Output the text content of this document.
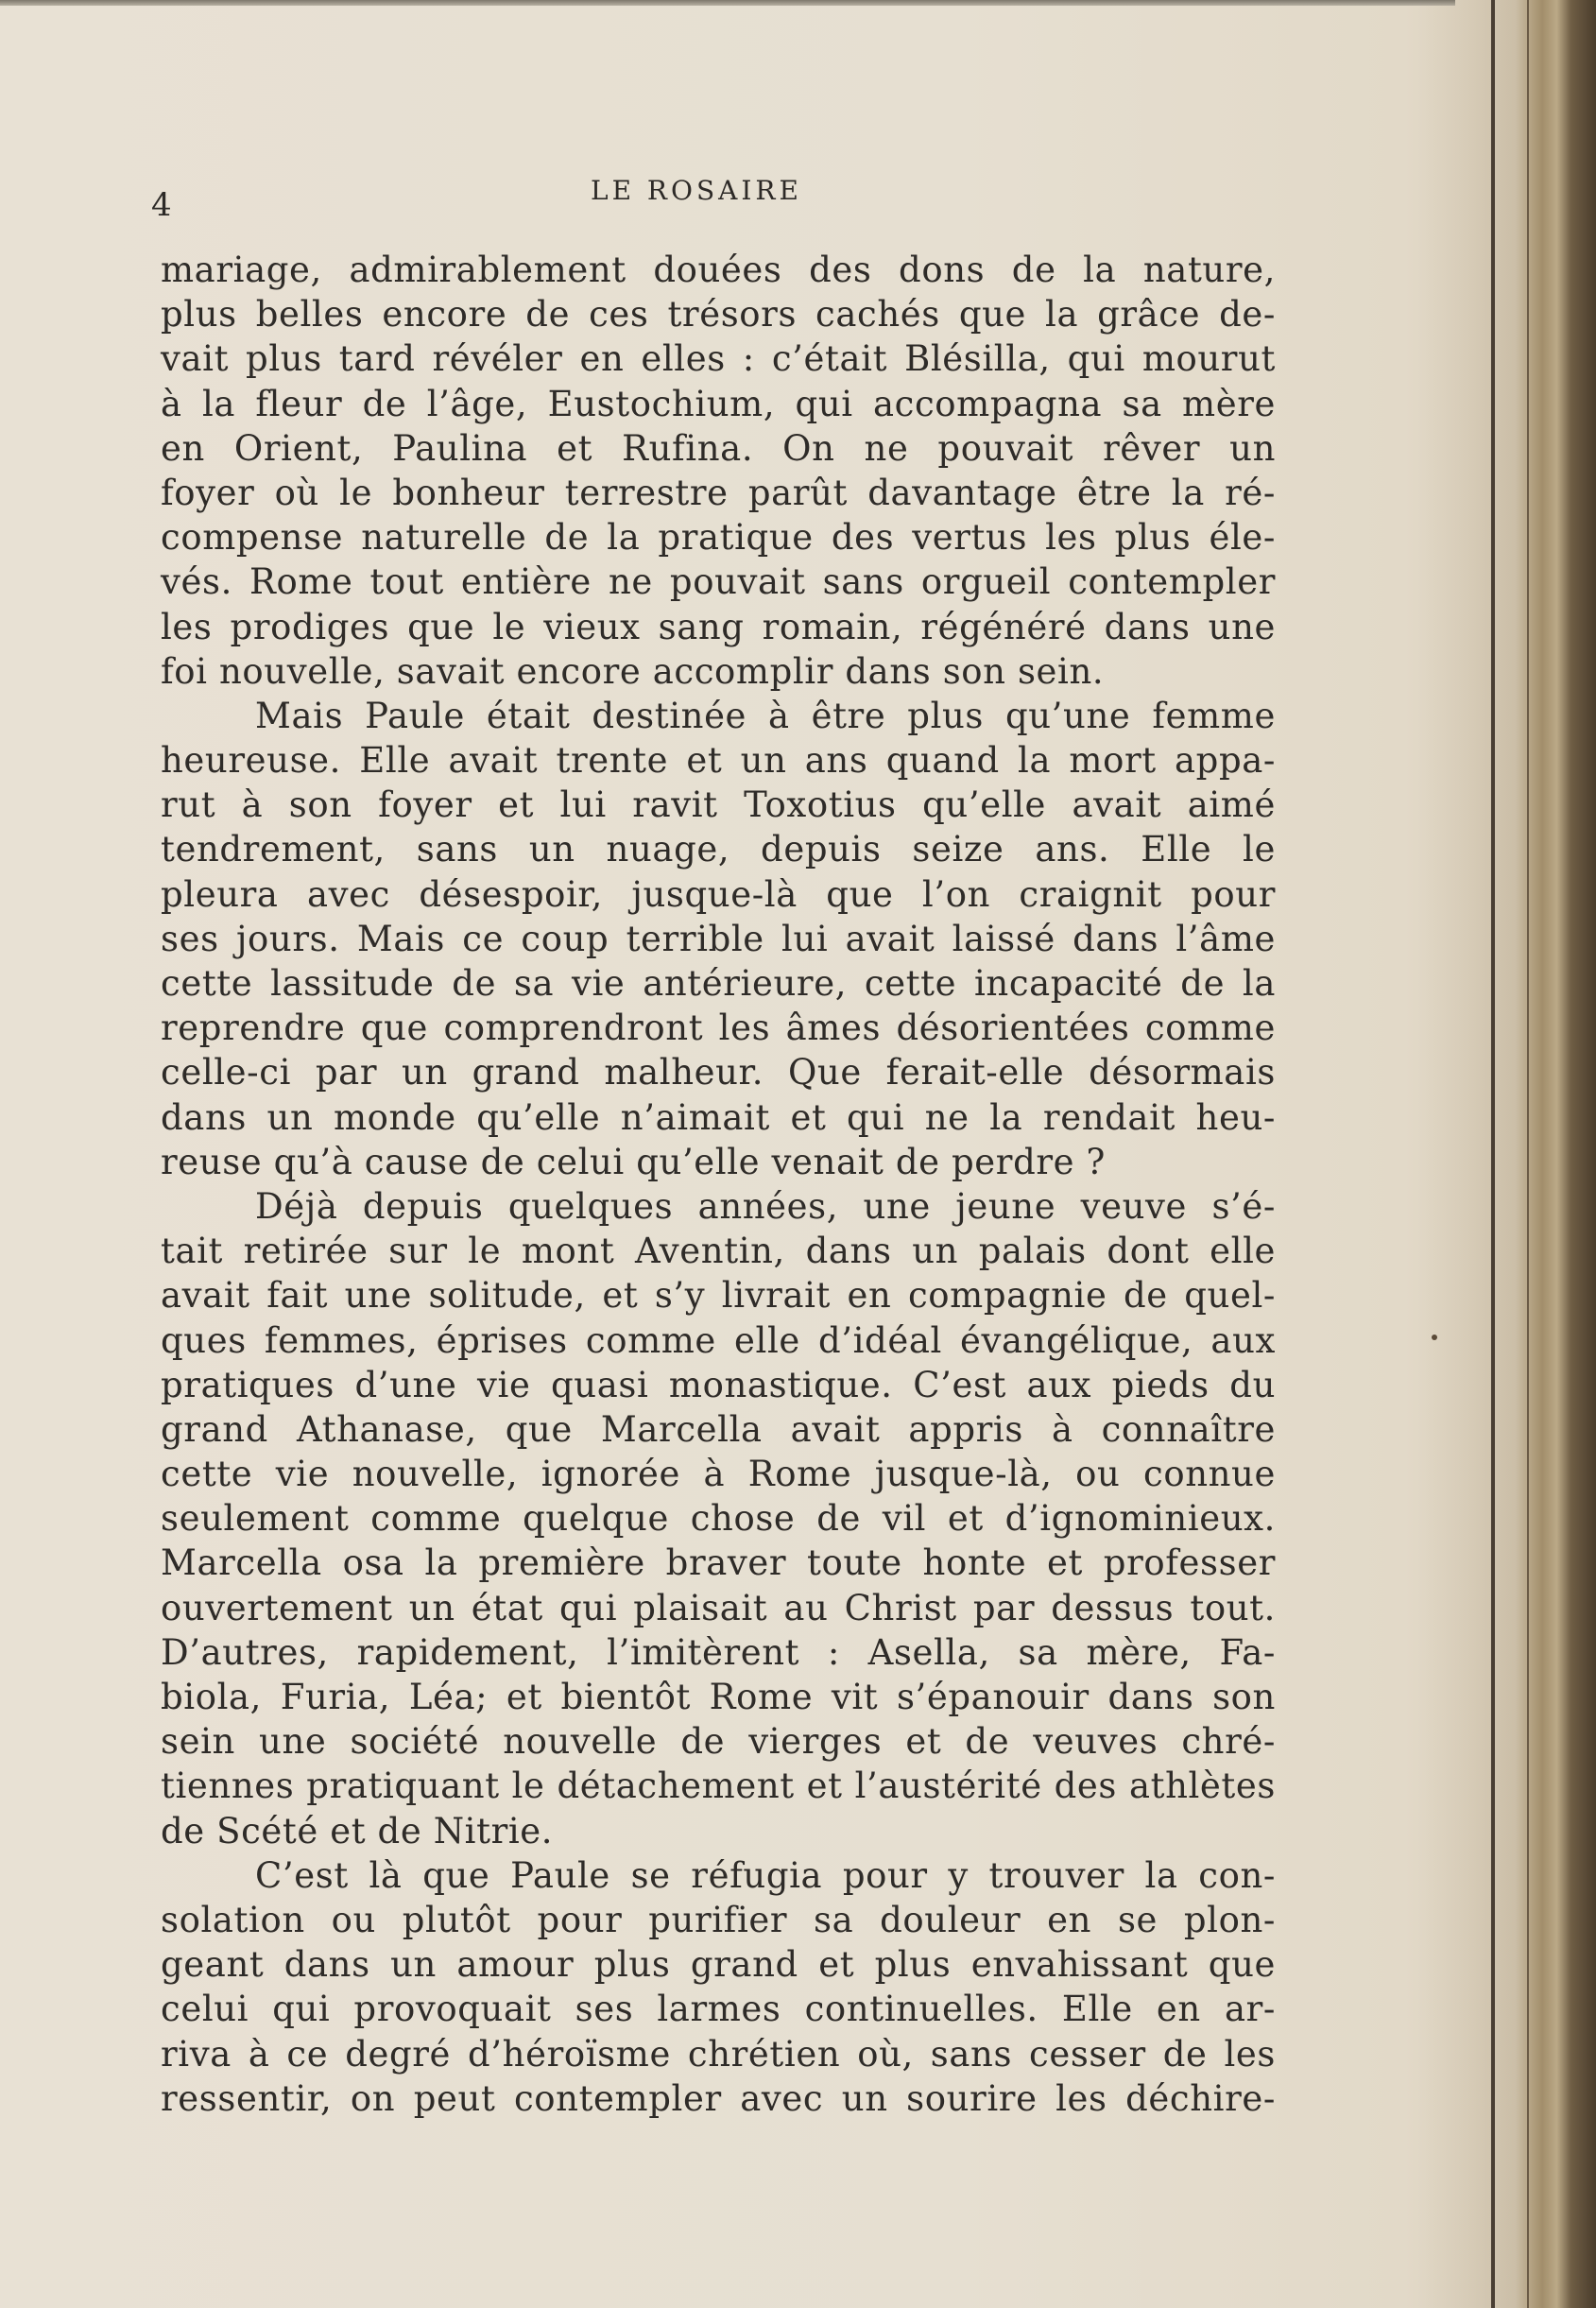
4	LE ROSAIRE
mariage, admirablement douées des dons de la nature,
plus belles encore de ces trésors cachés que la grâce de-
vait plus tard révéler en elles : c’était Blésilla, qui mourut
à la fleur de l’âge, Eustochium, qui accompagna sa mère
en Orient, Paulina et Rufina. On ne pouvait rêver un
foyer où le bonheur terrestre parût davantage être la ré-
compense naturelle de la pratique des vertus les plus éle-
vés. Rome tout entière ne pouvait sans orgueil contempler
les prodiges que le vieux sang romain, régénéré dans une
foi nouvelle, savait encore accomplir dans son sein.
Mais Paule était destinée à être plus qu’une femme
heureuse. Elle avait trente et un ans quand la mort appa-
rut à son foyer et lui ravit Toxotius qu’elle avait aimé
tendrement, sans un nuage, depuis seize ans. Elle le
pleura avec désespoir, jusque-là que l’on craignit pour
ses jours. Mais ce coup terrible lui avait laissé dans l’âme
cette lassitude de sa vie antérieure, cette incapacité de la
reprendre que comprendront les âmes désorientées comme
celle-ci par un grand malheur. Que ferait-elle désormais
dans un monde qu’elle n’aimait et qui ne la rendait heu-
reuse qu’à cause de celui qu’elle venait de perdre ?
Déjà depuis quelques années, une jeune veuve s’é-
tait retirée sur le mont Aventin, dans un palais dont elle
avait fait une solitude, et s’y livrait en compagnie de quel-
ques femmes, éprises comme elle d’idéal évangélique, aux
pratiques d’une vie quasi monastique. C’est aux pieds du
grand Athanase, que Marcella avait appris à connaître
cette vie nouvelle, ignorée à Rome jusque-là, ou connue
seulement comme quelque chose de vil et d’ignominieux.
Marcella osa la première braver toute honte et professer
ouvertement un état qui plaisait au Christ par dessus tout.
D’autres, rapidement, l’imitèrent : Asella, sa mère, Fa-
biola, Furia, Léa; et bientôt Rome vit s’épanouir dans son
sein une société nouvelle de vierges et de veuves chré-
tiennes pratiquant le détachement et l’austérité des athlètes
de Scété et de Nitrie.
C’est là que Paule se réfugia pour y trouver la con-
solation ou plutôt pour purifier sa douleur en se plon-
geant dans un amour plus grand et plus envahissant que
celui qui provoquait ses larmes continuelles. Elle en ar-
riva à ce degré d’héroïsme chrétien où, sans cesser de les
ressentir, on peut contempler avec un sourire les déchire-
